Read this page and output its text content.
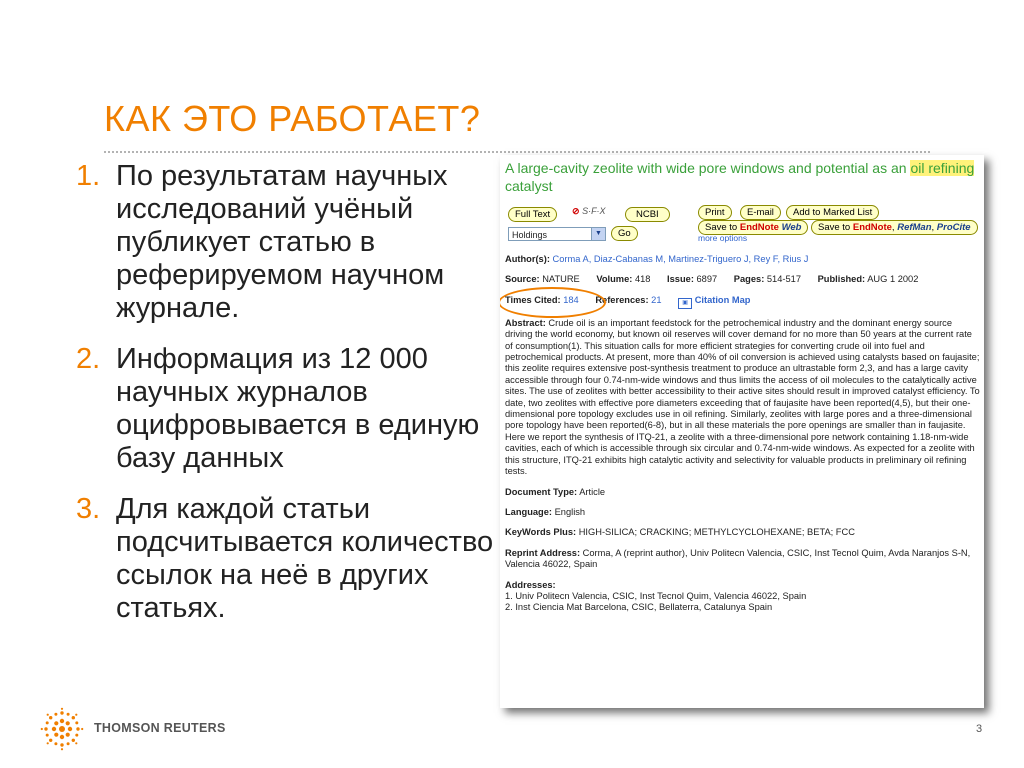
КАК ЭТО РАБОТАЕТ?
1. По результатам научных исследований учёный публикует статью в реферируемом научном журнале.
2. Информация из 12 000 научных журналов оцифровывается в единую базу данных
3. Для каждой статьи подсчитывается количество ссылок на неё в других статьях.
A large-cavity zeolite with wide pore windows and potential as an oil refining catalyst
Full Text	⊘ S·F·X	NCBI
Holdings	▼	Go
Print	E-mail	Add to Marked List
Save to EndNote Web	Save to EndNote, RefMan, ProCite
more options
Author(s): Corma A, Diaz-Cabanas M, Martinez-Triguero J, Rey F, Rius J
Source: NATURE Volume: 418 Issue: 6897 Pages: 514-517 Published: AUG 1 2002
Times Cited: 184 References: 21	▣ Citation Map
Abstract: Crude oil is an important feedstock for the petrochemical industry and the dominant energy source driving the world economy, but known oil reserves will cover demand for no more than 50 years at the current rate of consumption(1). This situation calls for more efficient strategies for converting crude oil into fuel and petrochemical products. At present, more than 40% of oil conversion is achieved using catalysts based on faujasite; this zeolite requires extensive post-synthesis treatment to produce an ultrastable form 2,3, and has a large cavity accessible through four 0.74-nm-wide windows and thus limits the access of oil molecules to the catalytically active sites. The use of zeolites with better accessibility to their active sites should result in improved catalyst efficiency. To date, two zeolites with effective pore diameters exceeding that of faujasite have been reported(4,5), but their one-dimensional pore topology excludes use in oil refining. Similarly, zeolites with large pores and a three-dimensional pore topology have been reported(6-8), but in all these materials the pore openings are smaller than in faujasite. Here we report the synthesis of ITQ-21, a zeolite with a three-dimensional pore network containing 1.18-nm-wide cavities, each of which is accessible through six circular and 0.74-nm-wide windows. As expected for a zeolite with this structure, ITQ-21 exhibits high catalytic activity and selectivity for valuable products in preliminary oil refining tests.
Document Type: Article
Language: English
KeyWords Plus: HIGH-SILICA; CRACKING; METHYLCYCLOHEXANE; BETA; FCC
Reprint Address: Corma, A (reprint author), Univ Politecn Valencia, CSIC, Inst Tecnol Quim, Avda Naranjos S-N, Valencia 46022, Spain
Addresses:
1. Univ Politecn Valencia, CSIC, Inst Tecnol Quim, Valencia 46022, Spain
2. Inst Ciencia Mat Barcelona, CSIC, Bellaterra, Catalunya Spain
THOMSON REUTERS	3
